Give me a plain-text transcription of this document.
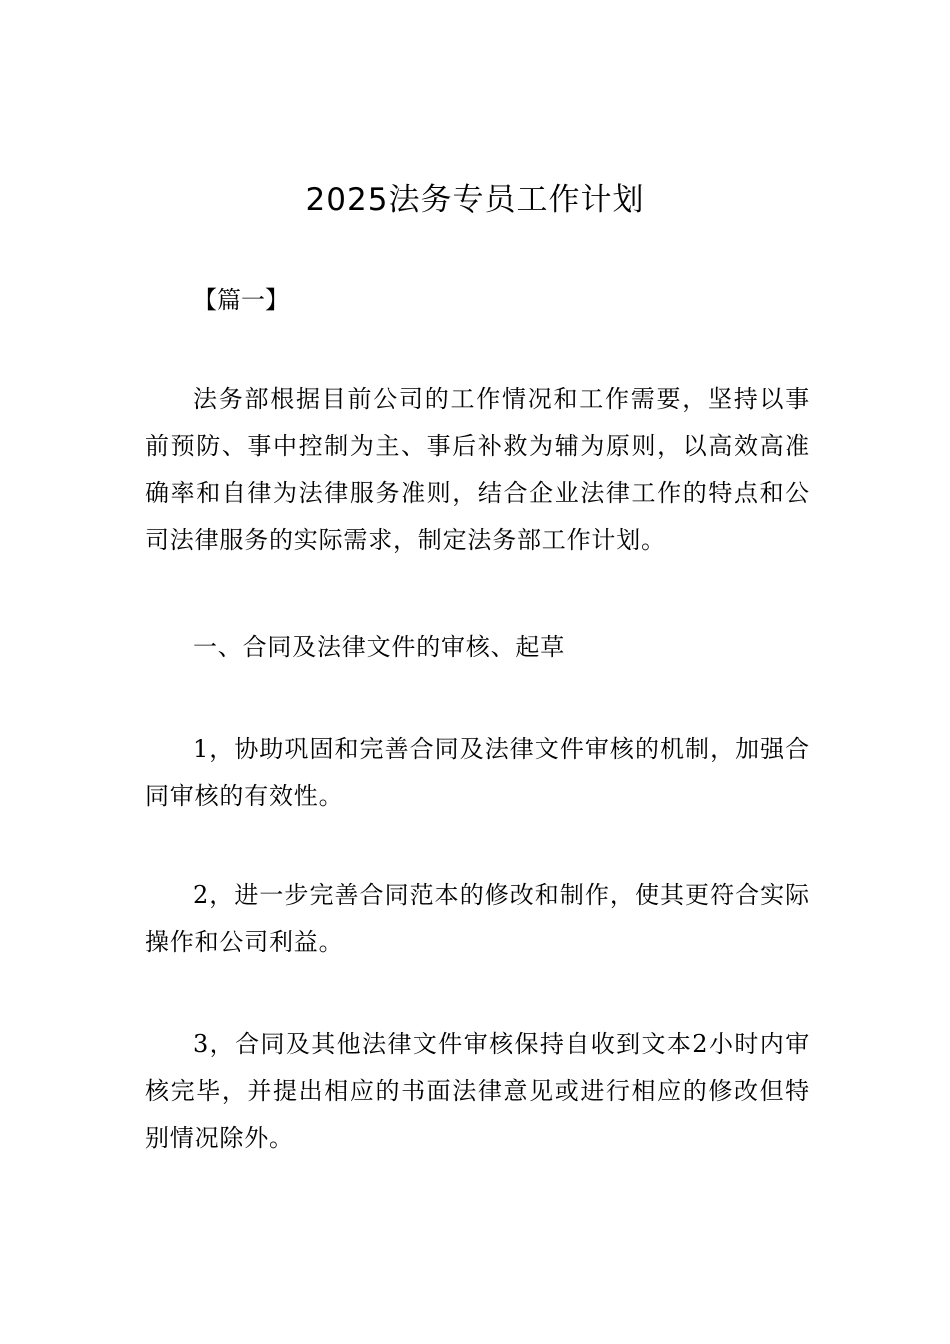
2025法务专员工作计划

【篇一】

法务部根据目前公司的工作情况和工作需要，坚持以事前预防、事中控制为主、事后补救为辅为原则，以高效高准确率和自律为法律服务准则，结合企业法律工作的特点和公司法律服务的实际需求，制定法务部工作计划。

一、合同及法律文件的审核、起草

1，协助巩固和完善合同及法律文件审核的机制，加强合同审核的有效性。

2，进一步完善合同范本的修改和制作，使其更符合实际操作和公司利益。

3，合同及其他法律文件审核保持自收到文本2小时内审核完毕，并提出相应的书面法律意见或进行相应的修改但特别情况除外。
